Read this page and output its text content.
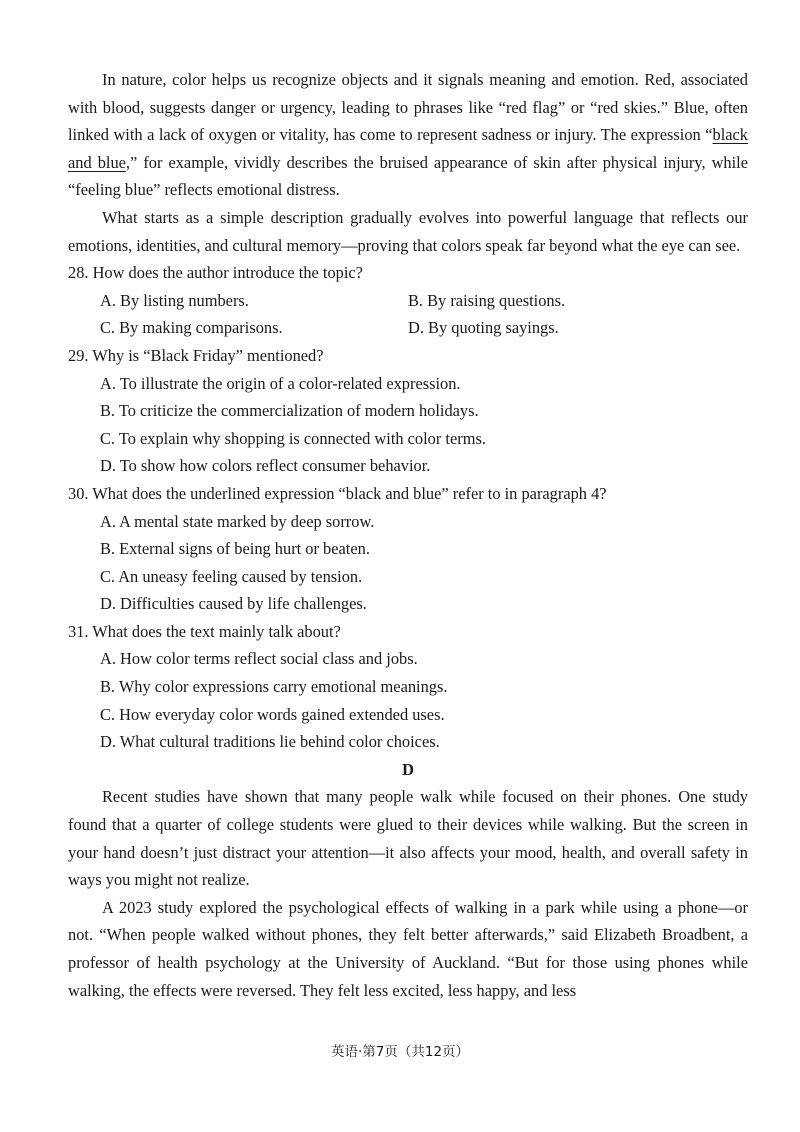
In nature, color helps us recognize objects and it signals meaning and emotion. Red, associated with blood, suggests danger or urgency, leading to phrases like “red flag” or “red skies.” Blue, often linked with a lack of oxygen or vitality, has come to represent sadness or injury. The expression “black and blue,” for example, vividly describes the bruised appearance of skin after physical injury, while “feeling blue” reflects emotional distress.

What starts as a simple description gradually evolves into powerful language that reflects our emotions, identities, and cultural memory—proving that colors speak far beyond what the eye can see.

28. How does the author introduce the topic?

A. By listing numbers.	B. By raising questions.
C. By making comparisons.	D. By quoting sayings.

29. Why is “Black Friday” mentioned?

A. To illustrate the origin of a color-related expression.

B. To criticize the commercialization of modern holidays.

C. To explain why shopping is connected with color terms.

D. To show how colors reflect consumer behavior.

30. What does the underlined expression “black and blue” refer to in paragraph 4?

A. A mental state marked by deep sorrow.

B. External signs of being hurt or beaten.

C. An uneasy feeling caused by tension.

D. Difficulties caused by life challenges.

31. What does the text mainly talk about?

A. How color terms reflect social class and jobs.

B. Why color expressions carry emotional meanings.

C. How everyday color words gained extended uses.

D. What cultural traditions lie behind color choices.

D

Recent studies have shown that many people walk while focused on their phones. One study found that a quarter of college students were glued to their devices while walking. But the screen in your hand doesn’t just distract your attention—it also affects your mood, health, and overall safety in ways you might not realize.

A 2023 study explored the psychological effects of walking in a park while using a phone—or not. “When people walked without phones, they felt better afterwards,” said Elizabeth Broadbent, a professor of health psychology at the University of Auckland. “But for those using phones while walking, the effects were reversed. They felt less excited, less happy, and less

英语·第7页（共12页）
